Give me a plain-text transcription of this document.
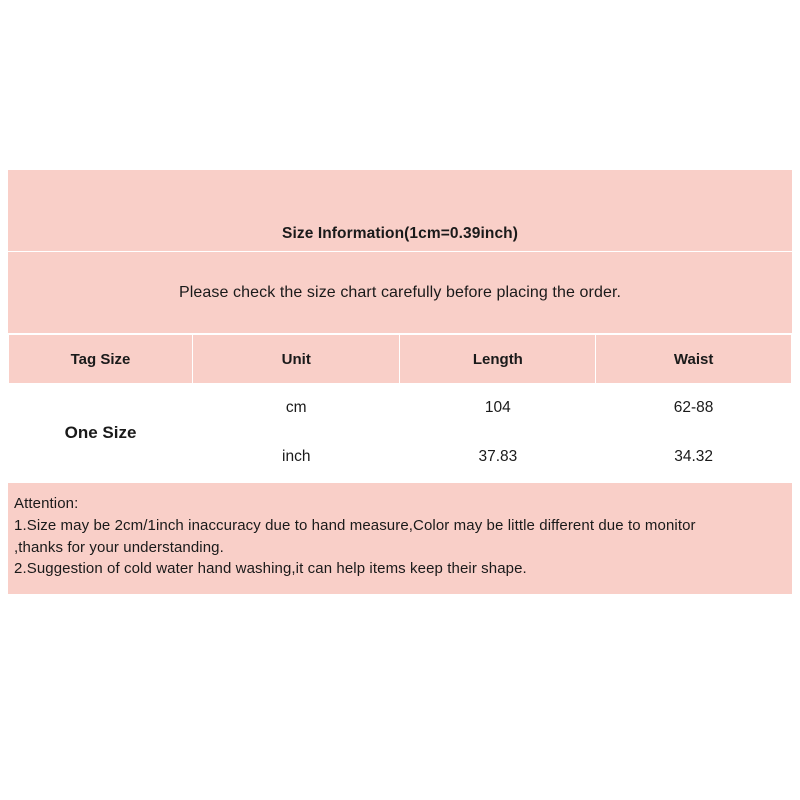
Size Information(1cm=0.39inch)
Please check the size chart carefully before placing the order.
Tag Size	Unit	Length	Waist
One Size	cm	104	62-88
	inch	37.83	34.32

Attention:

1.Size may be 2cm/1inch inaccuracy due to hand measure,Color may be little different due to monitor

,thanks for your understanding.

2.Suggestion of cold water hand washing,it can help items keep their shape.
